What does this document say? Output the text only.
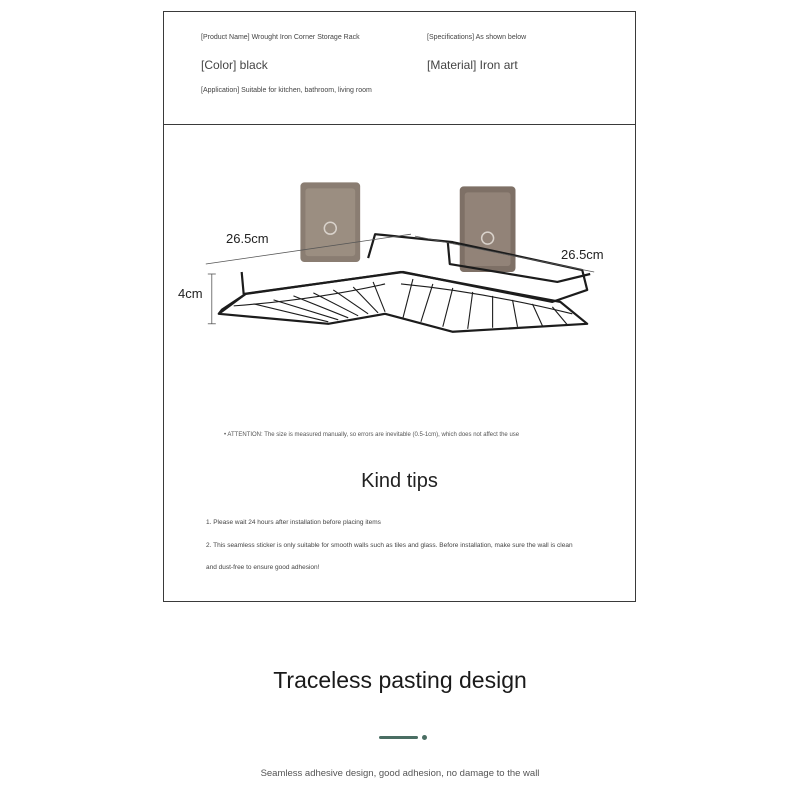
[Product Name] Wrought Iron Corner Storage Rack	[Specifications] As shown below
[Color] black	[Material] Iron art
[Application] Suitable for kitchen, bathroom, living room
26.5cm
26.5cm
4cm
• ATTENTION: The size is measured manually, so errors are inevitable (0.5-1cm), which does not affect the use
Kind tips
1. Please wait 24 hours after installation before placing items
2. This seamless sticker is only suitable for smooth walls such as tiles and glass. Before installation, make sure the wall is clean
and dust-free to ensure good adhesion!
Traceless pasting design
Seamless adhesive design, good adhesion, no damage to the wall
